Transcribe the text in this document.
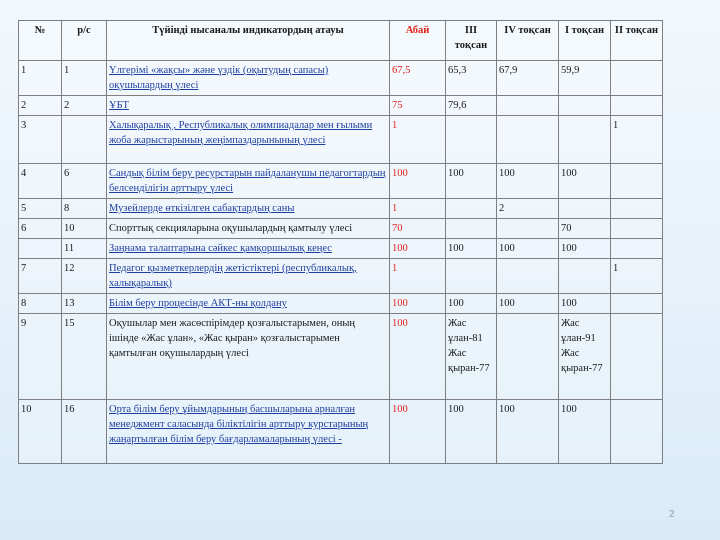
№	р/с	Түйінді нысаналы индикатордың атауы	Абай	ІІІ тоқсан	IV тоқсан	І тоқсан	ІІ тоқсан
1	1	Үлгерімі «жақсы» және үздік (оқытудың сапасы) оқушылардың үлесі	67,5	65,3	67,9	59,9	
2	2	ҰБТ	75	79,6			
3		Халықаралық , Республикалық олимпиадалар мен ғылыми жоба жарыстарының жеңімпаздарынының үлесі	1				1
4	6	Сандық білім беру ресурстарын пайдаланушы педагогтардың белсенділігін арттыру үлесі	100	100	100	100	
5	8	Музейлерде өткізілген сабақтардың саны	1		2		
6	10	Спорттық секцияларына оқушылардың қамтылу үлесі	70			70	
	11	Заңнама талаптарына сәйкес қамқоршылық кеңес	100	100	100	100	
7	12	Педагог қызметкерлердің жетістіктері (республикалық, халықаралық)	1				1
8	13	Білім беру процесінде АКТ-ны қолдану	100	100	100	100	
9	15	Оқушылар мен жасөспірімдер қозғалыстарымен, оның ішінде «Жас ұлан», «Жас қыран» қозғалыстарымен қамтылған оқушылардың үлесі	100	Жас ұлан-81 Жас қыран-77		Жас ұлан-91 Жас қыран-77	
10	16	Орта білім беру ұйымдарының басшыларына арналған менеджмент саласында біліктілігін арттыру курстарының жаңартылған білім беру бағдарламаларының үлесі -	100	100	100	100	
2
